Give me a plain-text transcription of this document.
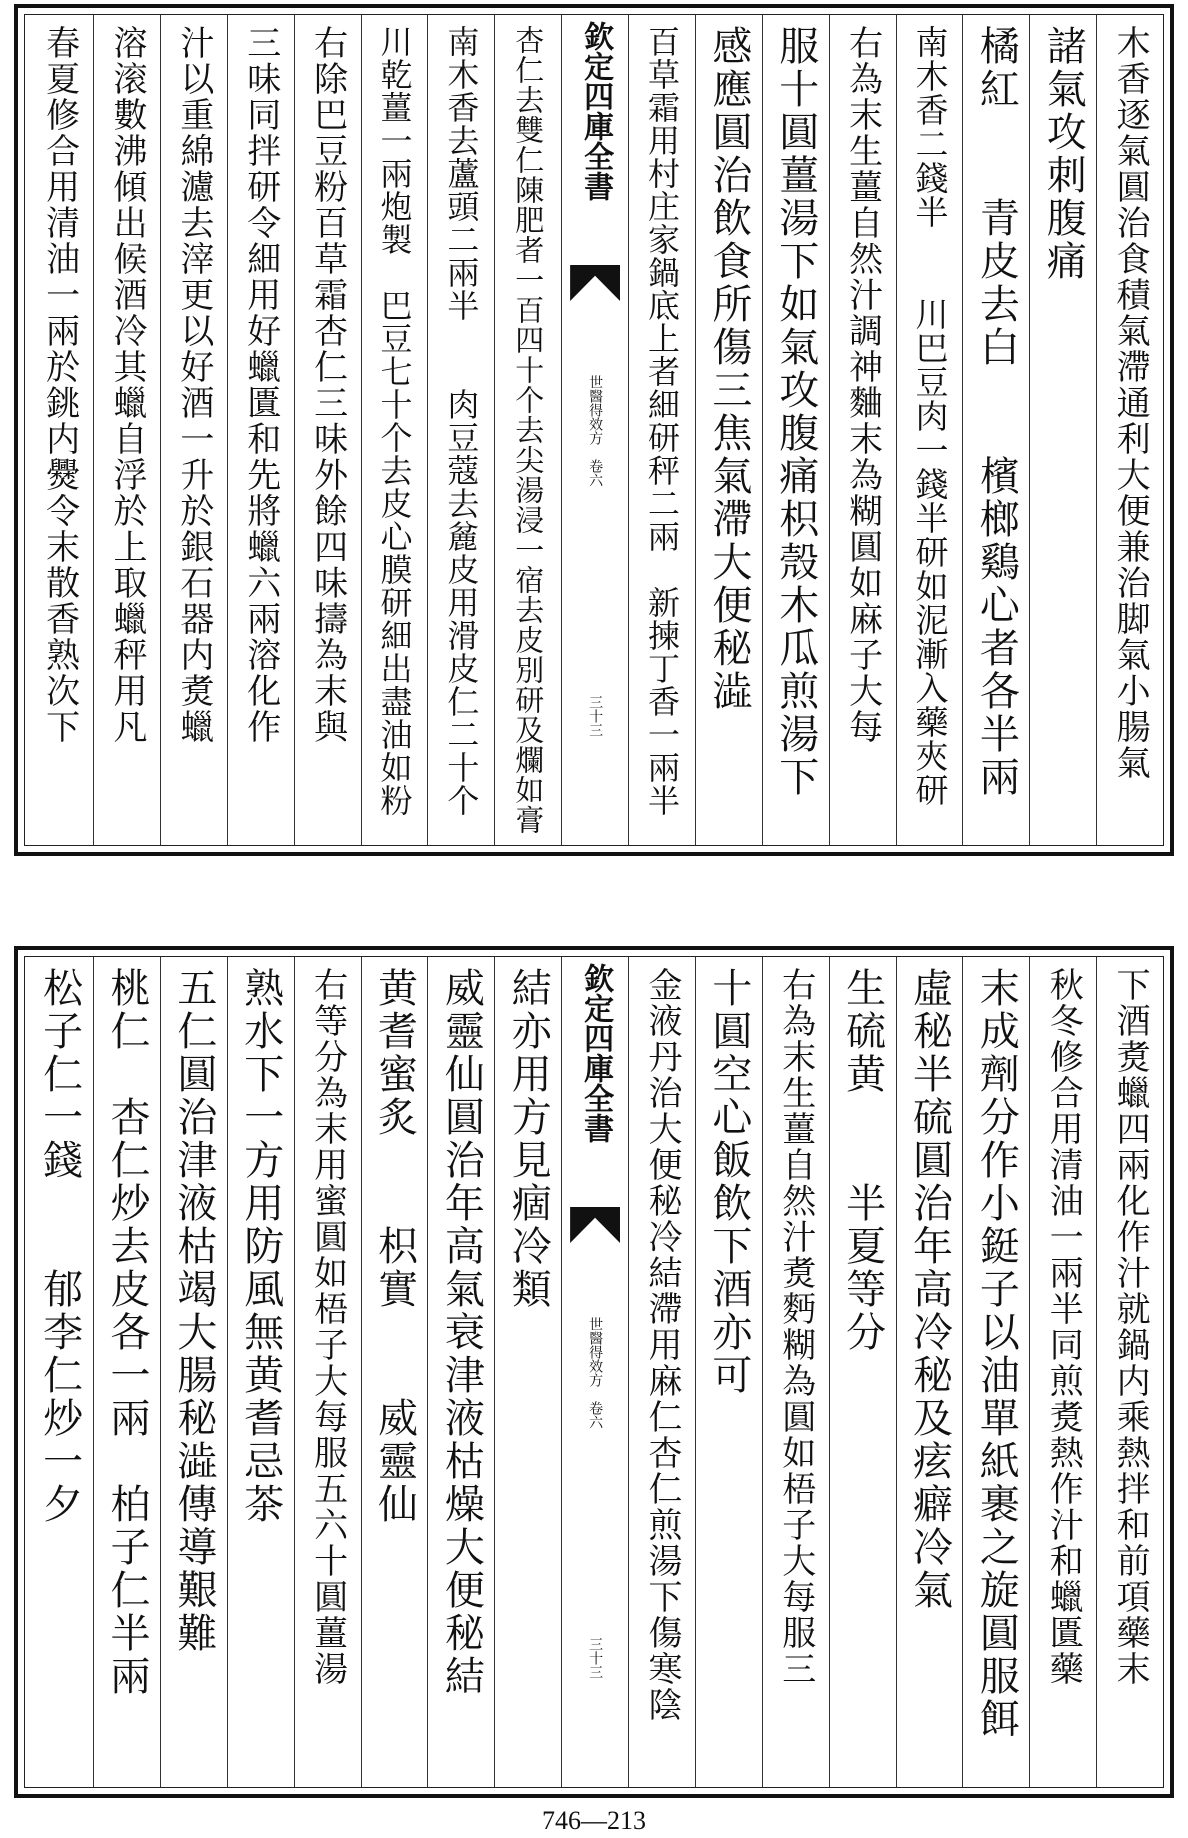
木香逐氣圓治食積氣滯通利大便兼治脚氣小腸氣
諸氣攻刺腹痛
橘紅　　青皮去白　　檳榔鷄心者各半兩
南木香二錢半　　川巴豆肉一錢半研如泥漸入藥夾研
右為末生薑自然汁調神麯末為糊圓如麻子大每
服十圓薑湯下如氣攻腹痛枳殼木瓜煎湯下
感應圓治飲食所傷三焦氣滯大便秘澁
百草霜用村庄家鍋底上者細研秤二兩　新揀丁香一兩半
欽定四庫全書
世醫得效方　卷六
三十三
杏仁去雙仁陳肥者一百四十个去尖湯浸一宿去皮別研及爛如膏
南木香去蘆頭二兩半　　肉豆蔻去麄皮用滑皮仁二十个
川乾薑一兩炮製　巴豆七十个去皮心膜研細出盡油如粉
右除巴豆粉百草霜杏仁三味外餘四味擣為末與
三味同拌研令細用好蠟匱和先將蠟六兩溶化作
汁以重綿濾去滓更以好酒一升於銀石器内煑蠟
溶滚數沸傾出候酒冷其蠟自浮於上取蠟秤用凡
春夏修合用清油一兩於銚内㸑令末散香熟次下
下酒煑蠟四兩化作汁就鍋内乘熱拌和前項藥末
秋冬修合用清油一兩半同煎煑熱作汁和蠟匱藥
末成劑分作小鋌子以油單紙裹之旋圓服餌
虛秘半硫圓治年高冷秘及痃癖冷氣
生硫黄　　半夏等分
右為末生薑自然汁煑麪糊為圓如梧子大每服三
十圓空心飯飲下酒亦可
金液丹治大便秘冷結滯用麻仁杏仁煎湯下傷寒陰
欽定四庫全書
世醫得效方　卷六
三十三
結亦用方見痼冷類
威靈仙圓治年高氣衰津液枯燥大便秘結
黄耆蜜炙　　枳實　　威靈仙
右等分為末用蜜圓如梧子大每服五六十圓薑湯
熟水下一方用防風無黄耆忌茶
五仁圓治津液枯竭大腸秘澁傳導艱難
桃仁　杏仁炒去皮各一兩　柏子仁半兩
松子仁一錢　　郁李仁炒一夕
746—213
